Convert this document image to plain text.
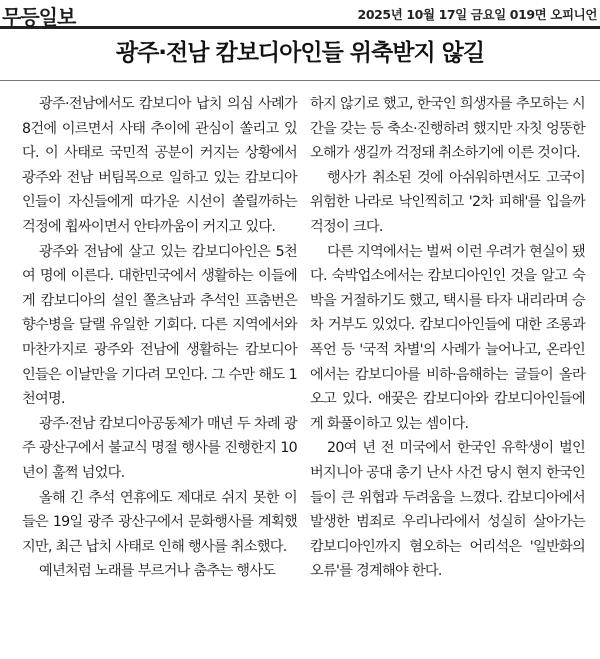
무등일보	2025년 10월 17일 금요일 019면 오피니언
광주·전남 캄보디아인들 위축받지 않길

광주·전남에서도 캄보디아 납치 의심 사례가 8건에 이르면서 사태 추이에 관심이 쏠리고 있다. 이 사태로 국민적 공분이 커지는 상황에서 광주와 전남 버팀목으로 일하고 있는 캄보디아인들이 자신들에게 따가운 시선이 쏠릴까하는 걱정에 휩싸이면서 안타까움이 커지고 있다.

광주와 전남에 살고 있는 캄보디아인은 5천여 명에 이른다. 대한민국에서 생활하는 이들에게 캄보디아의 설인 쫄츠남과 추석인 프춤번은 향수병을 달랠 유일한 기회다. 다른 지역에서와 마찬가지로 광주와 전남에 생활하는 캄보디아인들은 이날만을 기다려 모인다. 그 수만 해도 1천여명.

광주·전남 캄보디아공동체가 매년 두 차례 광주 광산구에서 불교식 명절 행사를 진행한지 10년이 훌쩍 넘었다.

올해 긴 추석 연휴에도 제대로 쉬지 못한 이들은 19일 광주 광산구에서 문화행사를 계획했지만, 최근 납치 사태로 인해 행사를 취소했다.

예년처럼 노래를 부르거나 춤추는 행사도

하지 않기로 했고, 한국인 희생자를 추모하는 시간을 갖는 등 축소·진행하려 했지만 자칫 엉뚱한 오해가 생길까 걱정돼 취소하기에 이른 것이다.

행사가 취소된 것에 아쉬워하면서도 고국이 위험한 나라로 낙인찍히고 '2차 피해'를 입을까 걱정이 크다.

다른 지역에서는 벌써 이런 우려가 현실이 됐다. 숙박업소에서는 캄보디아인인 것을 알고 숙박을 거절하기도 했고, 택시를 타자 내리라며 승차 거부도 있었다. 캄보디아인들에 대한 조롱과 폭언 등 '국적 차별'의 사례가 늘어나고, 온라인에서는 캄보디아를 비하·음해하는 글들이 올라오고 있다. 애꿎은 캄보디아와 캄보디아인들에게 화풀이하고 있는 셈이다.

20여 년 전 미국에서 한국인 유학생이 벌인 버지니아 공대 총기 난사 사건 당시 현지 한국인들이 큰 위협과 두려움을 느꼈다. 캄보디아에서 발생한 범죄로 우리나라에서 성실히 살아가는 캄보디아인까지 혐오하는 어리석은 '일반화의 오류'를 경계해야 한다.
